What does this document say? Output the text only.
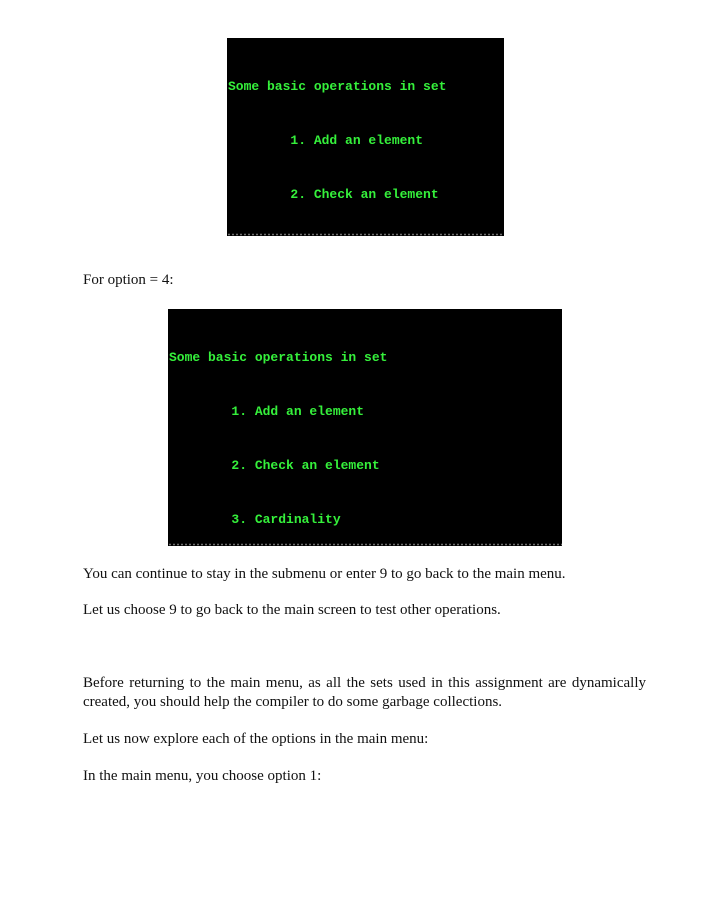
Some basic operations in set

1. Add an element

2. Check an element

For option = 4:

Some basic operations in set

1. Add an element

2. Check an element

3. Cardinality

You can continue to stay in the submenu or enter 9 to go back to the main menu.

Let us choose 9 to go back to the main screen to test other operations.

Before returning to the main menu, as all the sets used in this assignment are dynamically created, you should help the compiler to do some garbage collections.

Let us now explore each of the options in the main menu:

In the main menu, you choose option 1:
